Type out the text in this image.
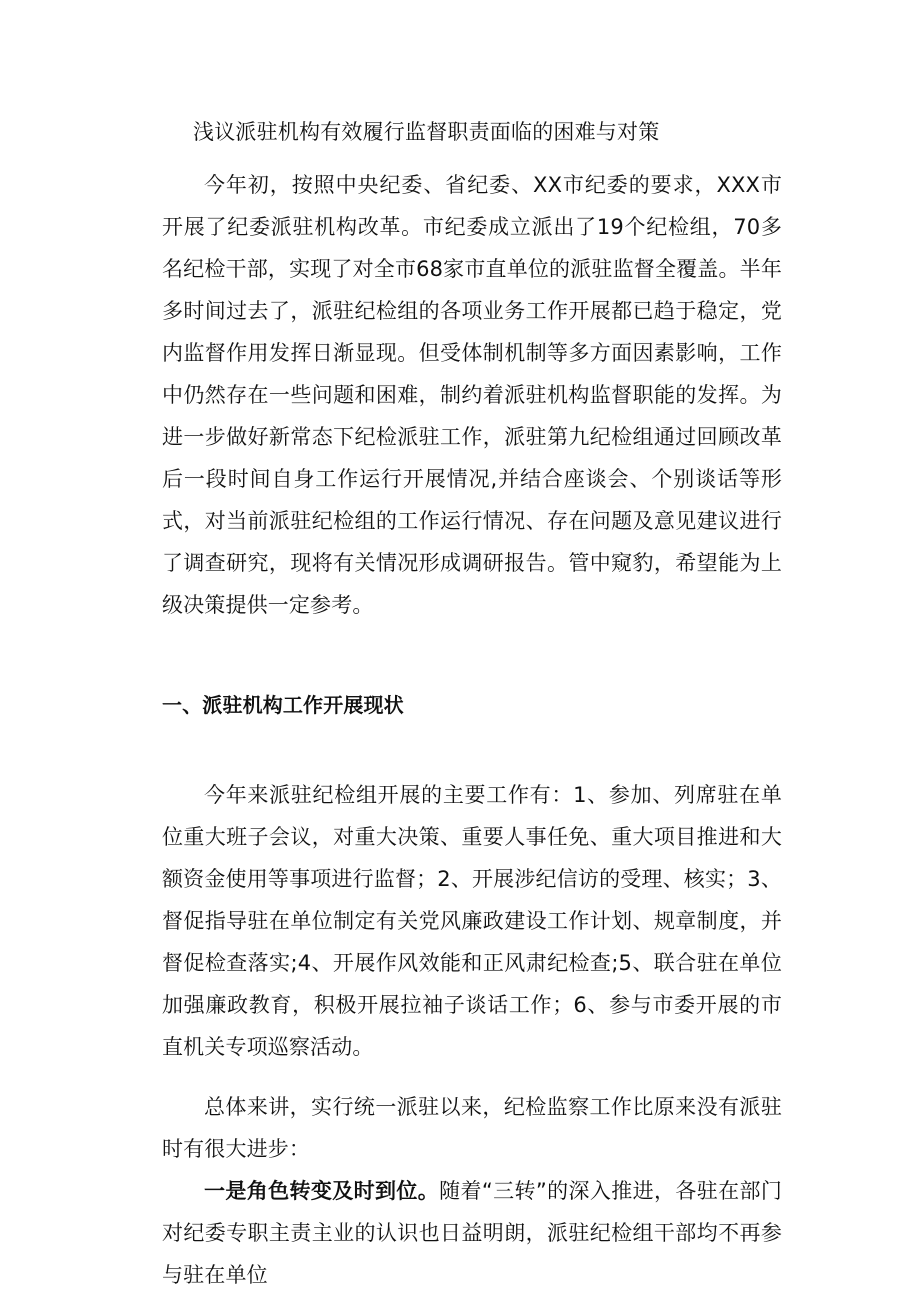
浅议派驻机构有效履行监督职责面临的困难与对策

今年初，按照中央纪委、省纪委、XX市纪委的要求，XXX市开展了纪委派驻机构改革。市纪委成立派出了19个纪检组，70多名纪检干部，实现了对全市68家市直单位的派驻监督全覆盖。半年多时间过去了，派驻纪检组的各项业务工作开展都已趋于稳定，党内监督作用发挥日渐显现。但受体制机制等多方面因素影响，工作中仍然存在一些问题和困难，制约着派驻机构监督职能的发挥。为进一步做好新常态下纪检派驻工作，派驻第九纪检组通过回顾改革后一段时间自身工作运行开展情况,并结合座谈会、个别谈话等形式，对当前派驻纪检组的工作运行情况、存在问题及意见建议进行了调查研究，现将有关情况形成调研报告。管中窥豹，希望能为上级决策提供一定参考。

一、派驻机构工作开展现状

今年来派驻纪检组开展的主要工作有：1、参加、列席驻在单位重大班子会议，对重大决策、重要人事任免、重大项目推进和大额资金使用等事项进行监督；2、开展涉纪信访的受理、核实；3、督促指导驻在单位制定有关党风廉政建设工作计划、规章制度，并督促检查落实;4、开展作风效能和正风肃纪检查;5、联合驻在单位加强廉政教育，积极开展拉袖子谈话工作；6、参与市委开展的市直机关专项巡察活动。

总体来讲，实行统一派驻以来，纪检监察工作比原来没有派驻时有很大进步：

一是角色转变及时到位。随着“三转”的深入推进，各驻在部门对纪委专职主责主业的认识也日益明朗，派驻纪检组干部均不再参与驻在单位
